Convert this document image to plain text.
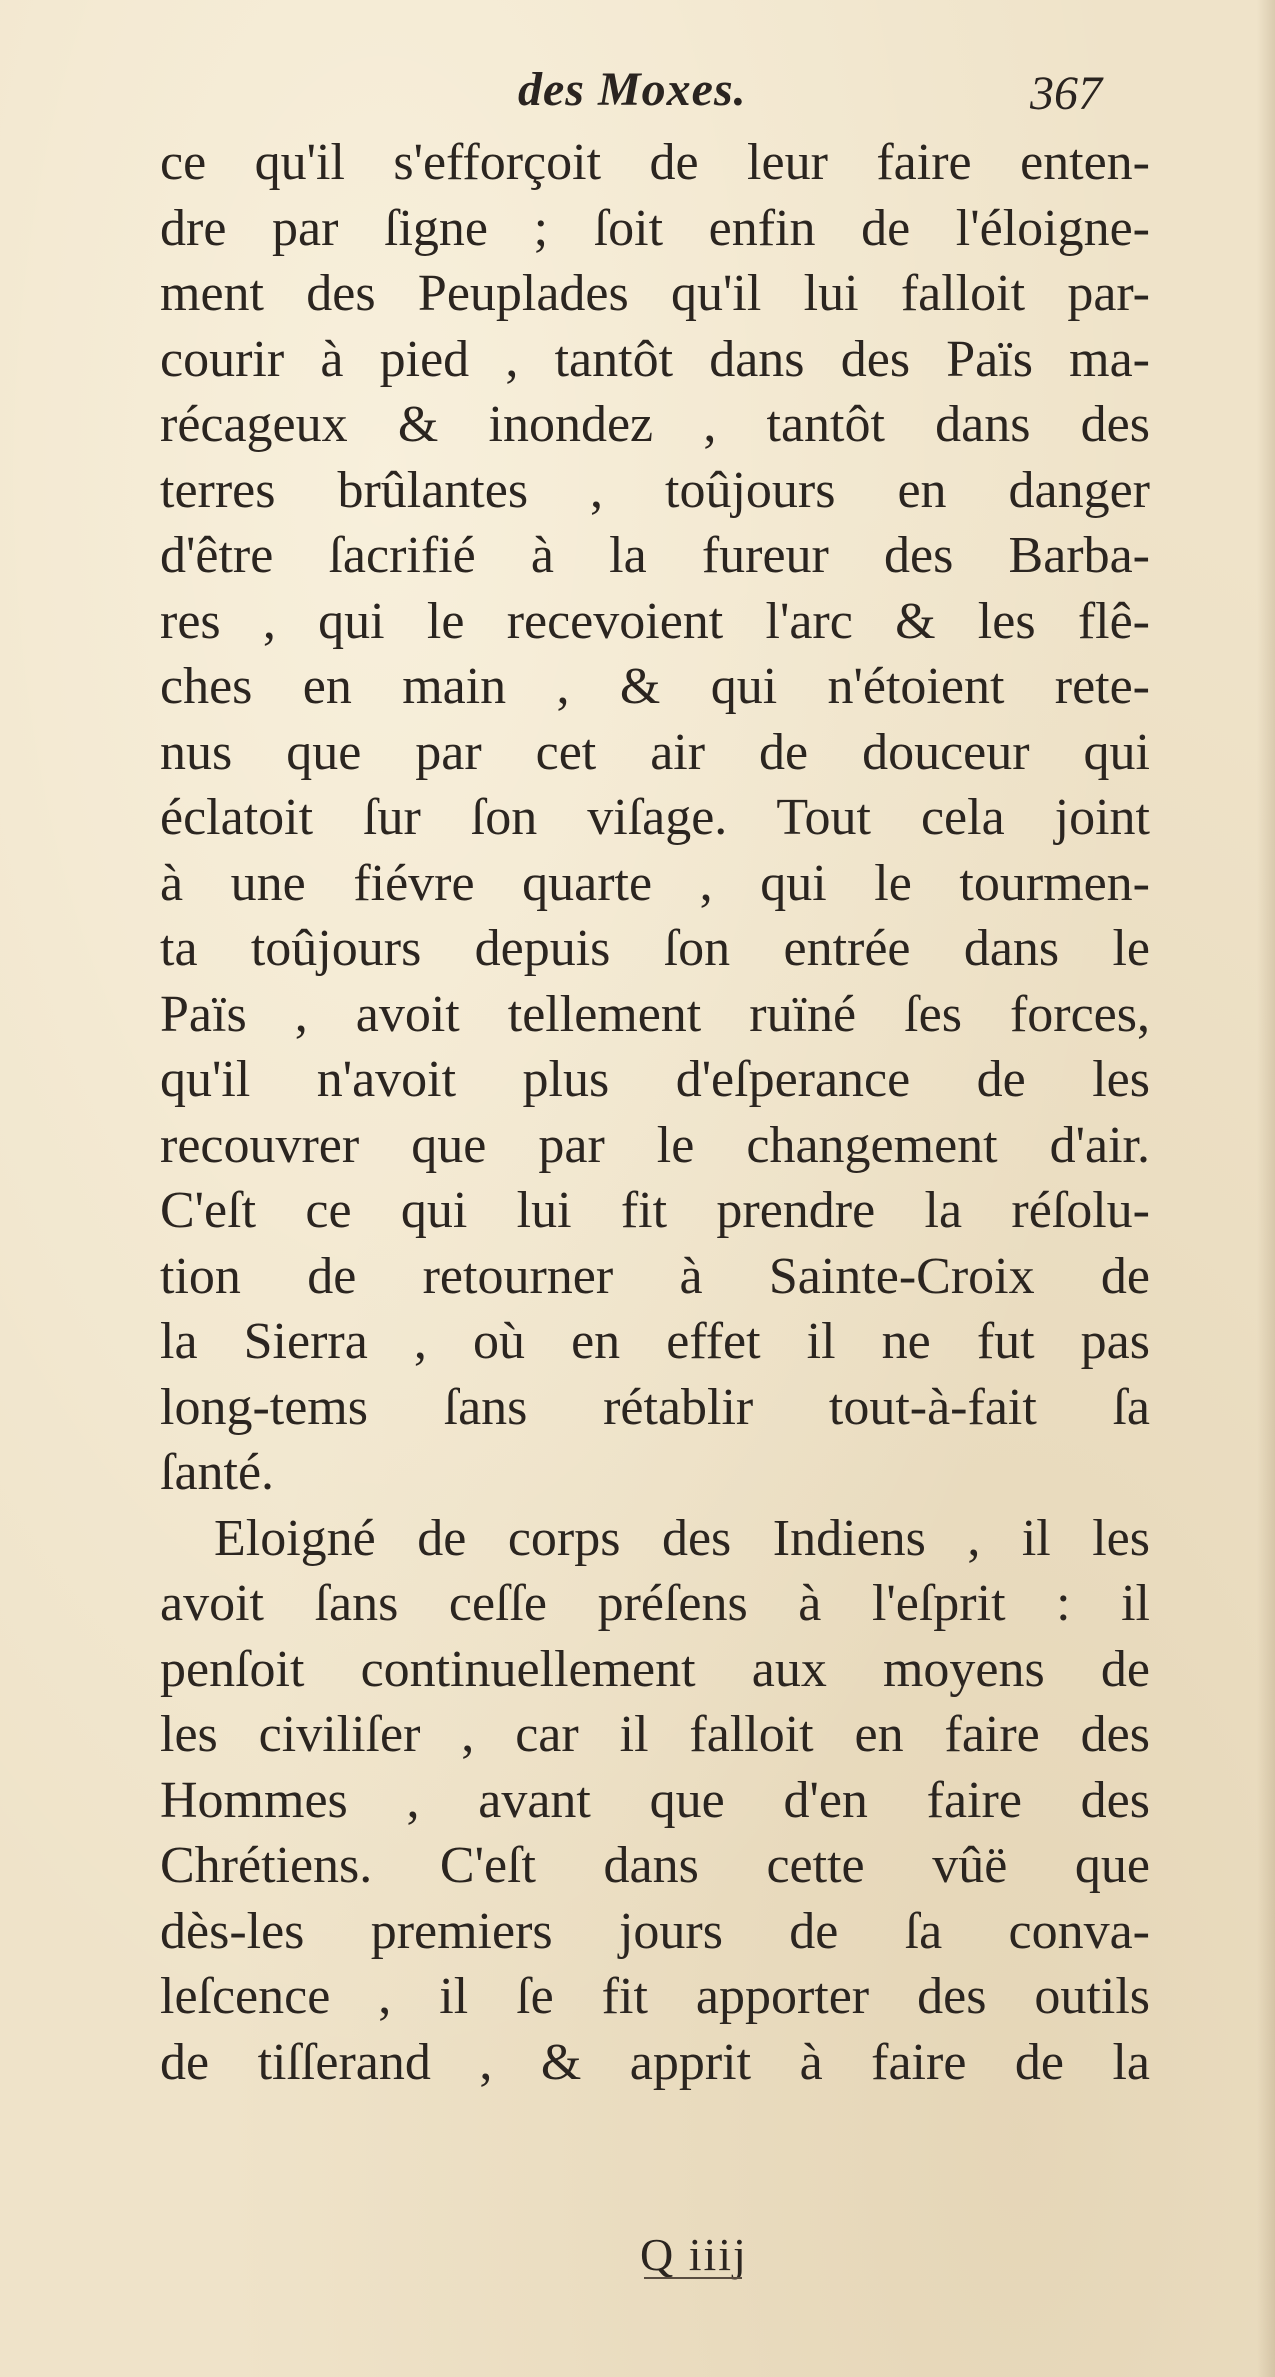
des Moxes.	367
ce qu'il s'efforçoit de leur faire enten-
dre par ſigne ; ſoit enfin de l'éloigne-
ment des Peuplades qu'il lui falloit par-
courir à pied , tantôt dans des Païs ma-
récageux & inondez , tantôt dans des
terres brûlantes , toûjours en danger
d'être ſacrifié à la fureur des Barba-
res , qui le recevoient l'arc & les flê-
ches en main , & qui n'étoient rete-
nus que par cet air de douceur qui
éclatoit ſur ſon viſage. Tout cela joint
à une fiévre quarte , qui le tourmen-
ta toûjours depuis ſon entrée dans le
Païs , avoit tellement ruïné ſes forces,
qu'il n'avoit plus d'eſperance de les
recouvrer que par le changement d'air.
C'eſt ce qui lui fit prendre la réſolu-
tion de retourner à Sainte-Croix de
la Sierra , où en effet il ne fut pas
long-tems ſans rétablir tout-à-fait ſa
ſanté.
Eloigné de corps des Indiens , il les
avoit ſans ceſſe préſens à l'eſprit : il
penſoit continuellement aux moyens de
les civiliſer , car il falloit en faire des
Hommes , avant que d'en faire des
Chrétiens. C'eſt dans cette vûë que
dès-les premiers jours de ſa conva-
leſcence , il ſe fit apporter des outils
de tiſſerand , & apprit à faire de la
Q iiij
